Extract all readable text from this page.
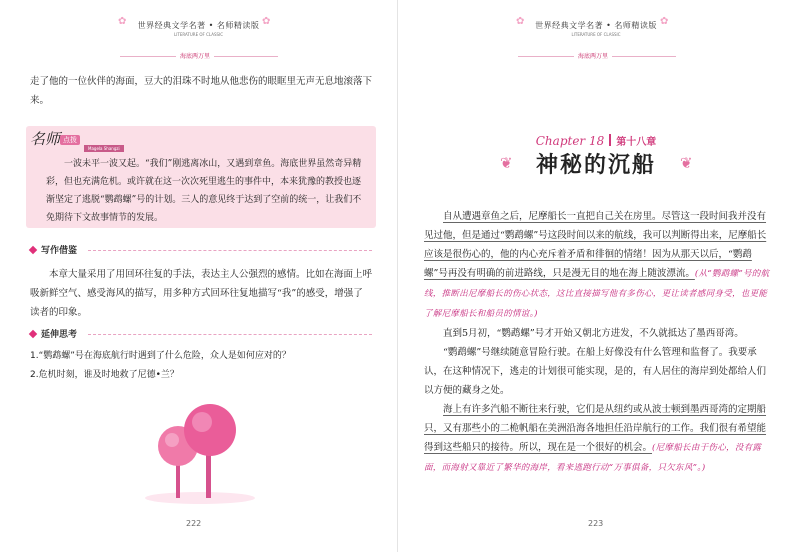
✿	✿
世界经典文学名著 • 名师精读版
LITERATURE OF CLASSIC
海底两万里
走了他的一位伙伴的海面，豆大的泪珠不时地从他悲伤的眼眶里无声无息地滚落下来。
名师 点拨$_{Magela Shangzi}$
一波未平一波又起。“我们”刚逃离冰山，又遇到章鱼。海底世界虽然奇异精彩，但也充满危机。或许就在这一次次死里逃生的事件中，本来犹豫的教授也逐渐坚定了逃脱“鹦鹉螺”号的计划。三人的意见终于达到了空前的统一，让我们不免期待下文故事情节的发展。
写作借鉴
本章大量采用了用回环往复的手法，表达主人公强烈的感情。比如在海面上呼吸新鲜空气、感受海风的描写，用多种方式回环往复地描写“我”的感受，增强了读者的印象。
延伸思考
1.“鹦鹉螺”号在海底航行时遇到了什么危险，众人是如何应对的？
2.危机时刻，谁及时地救了尼德•兰？
222
✿	✿
世界经典文学名著 • 名师精读版
LITERATURE OF CLASSIC
海底两万里
Chapter 18 第十八章
❦	❦
神秘的沉船

自从遭遇章鱼之后，尼摩船长一直把自己关在房里。尽管这一段时间我并没有见过他，但是通过“鹦鹉螺”号这段时间以来的航线，我可以判断得出来，尼摩船长应该是很伤心的，他的内心充斥着矛盾和徘徊的情绪！因为从那天以后，“鹦鹉螺”号再没有明确的前进路线，只是漫无目的地在海上随波漂流。(从“鹦鹉螺”号的航线，推断出尼摩船长的伤心状态，这比直接描写他有多伤心，更让读者感同身受，也更能了解尼摩船长和船员的情谊。)

直到5月初，“鹦鹉螺”号才开始又朝北方进发，不久就抵达了墨西哥湾。

“鹦鹉螺”号继续随意冒险行驶。在船上好像没有什么管理和监督了。我要承认，在这种情况下，逃走的计划很可能实现，是的，有人居住的海岸到处都给人们以方便的藏身之处。

海上有许多汽船不断往来行驶，它们是从纽约或从波士顿到墨西哥湾的定期船只，又有那些小的二桅帆船在美洲沿海各地担任沿岸航行的工作。我们很有希望能得到这些船只的接待。所以，现在是一个很好的机会。(尼摩船长由于伤心，没有露面，而海射又靠近了繁华的海岸，看来逃跑行动“万事俱备，只欠东风”。)

223
